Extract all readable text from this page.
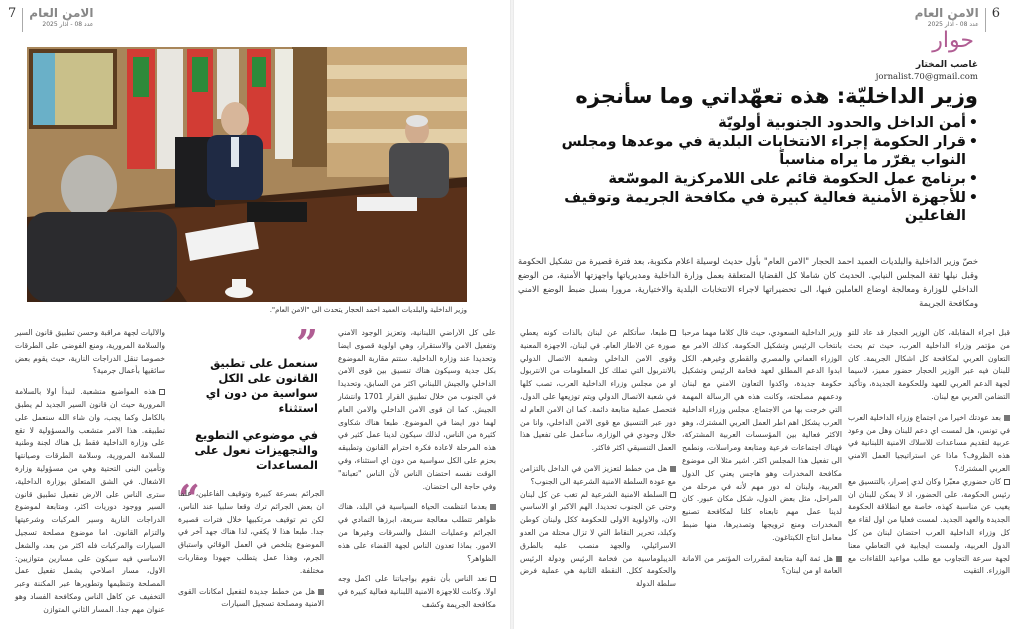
7 الامن العام
عدد 08 - آذار 2025
وزير الداخلية والبلديات العميد احمد الحجار يتحدث الى "الامن العام".

والاليات لجهة مراقبة وحسن تطبيق قانون السير والسلامة المرورية، ومنع الفوضى على الطرقات خصوصا تنقل الدراجات النارية، حيث يقوم بعض سائقيها بأعمال جرمية؟

هذه المواضيع متشعبة. لنبدأ اولا بالسلامة المرورية حيث ان قانون السير الجديد لم يطبق بالكامل وكما يجب، وان شاء الله سنعمل على تطبيقه. هذا الامر متشعب والمسؤولية لا تقع على وزارة الداخلية فقط بل هناك لجنة وطنية للسلامة المرورية، وسلامة الطرقات وصيانتها وتأمين البنى التحتية وهي من مسؤولية وزارة الاشغال. في الشق المتعلق بوزارة الداخلية، سترى الناس على الارض تفعيل تطبيق قانون السير ووجود دوريات اكثر، ومتابعة لموضوع الدراجات النارية وسير المركبات وشرعيتها والتزام القانون. اما موضوع مصلحة تسجيل السيارات والمركبات فله اكثر من بعد، والشغل الاساسي فيه سيكون على مسارين متوازيين: الاول، مسار اصلاحي يشمل تفعيل عمل المصلحة وتنظيمها وتطويرها عبر المكننة وعبر التخفيف عن كاهل الناس ومكافحة الفساد وهو عنوان مهم جدا. المسار الثاني المتوازن

”
سنعمل على تطبيق القانون على الكل سواسية من دون اي استثناء
في موضوعي التطويع والتجهيزات نعول على المساعدات
“

الجرائم بسرعة كبيرة وتوقيف الفاعلين، علما ان بعض الجرائم ترك وقعا سلبيا عند الناس، لكن تم توقيف مرتكبيها خلال فترات قصيرة جدا. طبعا هذا لا يكفي، لذا هناك جهد آخر في الموضوع يتلخص في العمل الوقائي واستباق الجرم، وهذا عمل يتطلب جهودا ومقاربات مختلفة.

هل من خطط جديدة لتفعيل امكانات القوى الامنية ومصلحة تسجيل السيارات

على كل الاراضي اللبنانية، وتعزيز الوجود الامني وتفعيل الامن والاستقرار، وهي اولوية قصوى ايضا وتحديدا عند وزارة الداخلية. ستتم مقاربة الموضوع بكل جدية وسيكون هناك تنسيق بين قوى الامن الداخلي والجيش اللبناني اكثر من السابق، وتحديدا في الجنوب من خلال تطبيق القرار 1701 وانتشار الجيش. كما ان قوى الامن الداخلي والامن العام لهما دور ايضا في الموضوع. طبعا هناك شكاوى كثيرة من الناس، لذلك سيكون لدينا عمل كثير في هذه المرحلة لاعادة فكرة احترام القانون وتطبيقه بحزم على الكل سواسية من دون اي استثناء، وفي الوقت نفسه احتضان الناس لأن الناس "تعبانة" وفي حاجة الى احتضان.

بعدما انتظمت الحياة السياسية في البلد، هناك ظواهر تتطلب معالجة سريعة، ابرزها التمادي في الجرائم وعمليات النشل والسرقات وغيرها من الامور. بماذا تعدون الناس لجهة القضاء على هذه الظواهر؟

نعد الناس بأن نقوم بواجباتنا على اكمل وجه اولا. وكانت للاجهزة الامنية اللبنانية فعالية كبيرة في مكافحة الجريمة وكشف

6
الامن العام
عدد 08 - آذار 2025
حوار
غاصب المختار
jornalist.70@gmail.com
وزير الداخليّة: هذه تعهّداتي وما سأنجزه
• أمن الداخل والحدود الجنوبية أولويّة
• قرار الحكومة إجراء الانتخابات البلدية في موعدها ومجلس النواب يقرّر ما يراه مناسباً
• برنامج عمل الحكومة قائم على اللامركزية الموسّعة
• للأجهزة الأمنية فعالية كبيرة في مكافحة الجريمة وتوقيف الفاعلين
خصّ وزير الداخلية والبلديات العميد احمد الحجار "الامن العام" بأول حديث لوسيلة اعلام مكتوبة، بعد فترة قصيرة من تشكيل الحكومة وقبل نيلها ثقة المجلس النيابي. الحديث كان شاملا كل القضايا المتعلقة بعمل وزارة الداخلية ومديرياتها واجهزتها الأمنية، من الوضع الداخلي للوزارة ومعالجة اوضاع العاملين فيها، الى تحضيراتها لاجراء الانتخابات البلدية والاختيارية، مرورا بسبل ضبط الوضع الامني ومكافحة الجريمة

قبل اجراء المقابلة، كان الوزير الحجار قد عاد للتو من مؤتمر وزراء الداخلية العرب، حيث تم بحث التعاون العربي لمكافحة كل اشكال الجريمة. كان للبنان فيه عبر الوزير الحجار حضور مميز، لاسيما لجهة الدعم العربي للعهد وللحكومة الجديدة، وتأكيد التضامن العربي مع لبنان.

بعد عودتك اخيرا من اجتماع وزراء الداخلية العرب في تونس، هل لمست اي دعم للبنان وهل من وعود عربية لتقديم مساعدات للاسلاك الامنية اللبنانية في هذه الظروف؟ ماذا عن استراتيجيا العمل الامني العربي المشترك؟

كان حضوري معبّرا وكان لدي إصرار، بالتنسيق مع رئيس الحكومة، على الحضور، اذ لا يمكن للبنان ان يغيب عن مناسبة كهذه، خاصة مع انطلاقة الحكومة الجديدة والعهد الجديد. لمست فعليا من اول لقاء مع كل وزراء الداخلية العرب احتضان لبنان من كل الدول العربية، ولمست ايجابية في التعاطي معنا لجهة سرعة التجاوب مع طلب مواعيد اللقاءات مع الوزراء. التقيت

وزير الداخلية السعودي، حيث قال كلاما مهما مرحبا بانتخاب الرئيس وتشكيل الحكومة. كذلك الامر مع الوزراء العماني والمصري والقطري وغيرهم. الكل ابدوا الدعم المطلق لعهد فخامة الرئيس وتشكيل حكومة جديدة، واكدوا التعاون الامني مع لبنان ودعمهم مصلحته، وكانت هذه هي الرسالة المهمة التي خرجت بها من الاجتماع. مجلس وزراء الداخلية العرب يشكل اهم اطر العمل العربي المشترك، وهو الاكثر فعالية بين المؤسسات العربية المشتركة، فهناك اجتماعات فرعية ومتابعة ومراسلات، ونطمح الى تفعيل هذا المجلس اكثر. اشير مثلا الى موضوع مكافحة المخدرات وهو هاجس يعني كل الدول العربية، ولبنان له دور مهم لأنه في مرحلة من المراحل، مثل بعض الدول، شكل مكان عبور. كان لدينا عمل مهم تابعناه كلنا لمكافحة تصنيع المخدرات ومنع ترويجها وتصديرها، منها ضبط معامل انتاج الكبتاغون.

هل ثمة آلية متابعة لمقررات المؤتمر من الامانة العامة او من لبنان؟

طبعا، سأتكلم عن لبنان بالذات كونه يعطي صورة عن الاطار العام. في لبنان، الاجهزة المعنية وقوى الامن الداخلي وشعبة الاتصال الدولي بالانتربول التي تملك كل المعلومات من الانتربول او من مجلس وزراء الداخلية العرب، تصب كلها في شعبة الاتصال الدولي ويتم توزيعها على الدول، فتحصل عملية متابعة دائمة. كما ان الامن العام له دور عبر التنسيق مع قوى الامن الداخلي، وانا من خلال وجودي في الوزارة، سأعمل على تفعيل هذا العمل التنسيقي اكثر فاكثر.

هل من خطط لتعزيز الامن في الداخل بالتزامن مع عودة السلطة الامنية الشرعية الى الجنوب؟

السلطة الامنية الشرعية لم تغب عن كل لبنان وحتى عن الجنوب تحديدا. الهم الاكبر او الاساسي الان، والاولوية الاولى للحكومة ككل ولبنان كوطن وكبلد، تحرير النقاط التي لا تزال محتلة من العدو الاسرائيلي، والجهد منصب عليه بالطرق الديبلوماسية من فخامة الرئيس ودولة الرئيس والحكومة ككل. النقطة الثانية هي عملية فرض سلطة الدولة
